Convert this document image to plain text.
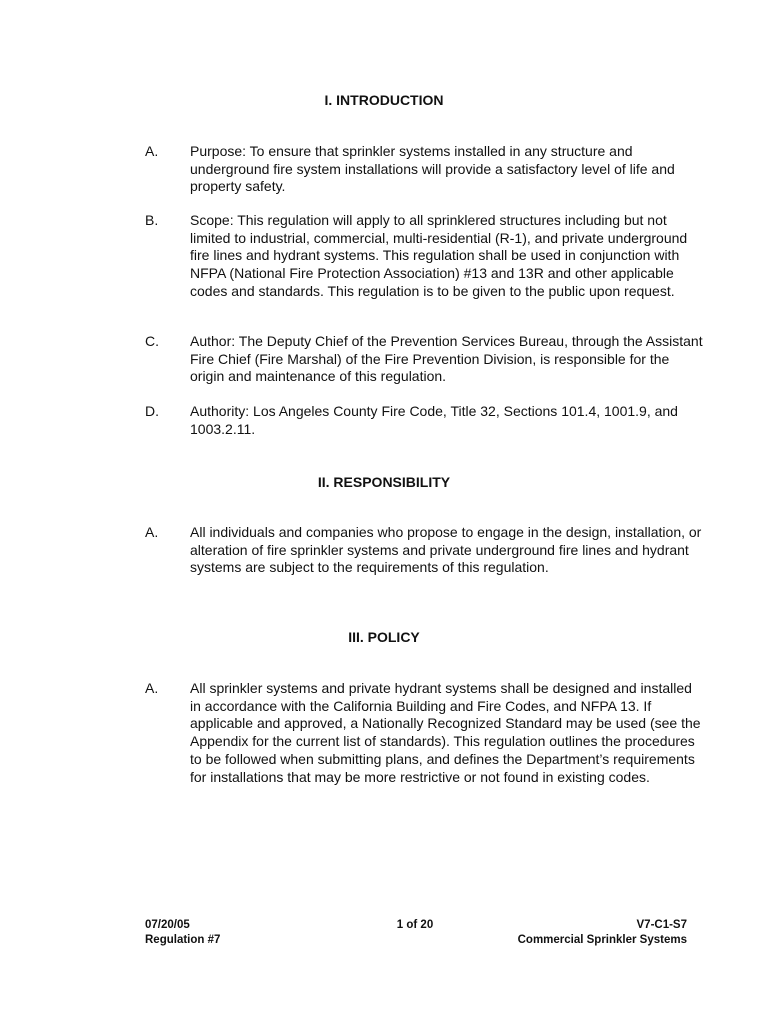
I. INTRODUCTION
A.	Purpose: To ensure that sprinkler systems installed in any structure and underground fire system installations will provide a satisfactory level of life and property safety.
B.	Scope: This regulation will apply to all sprinklered structures including but not limited to industrial, commercial, multi-residential (R-1), and private underground fire lines and hydrant systems. This regulation shall be used in conjunction with NFPA (National Fire Protection Association) #13 and 13R and other applicable codes and standards. This regulation is to be given to the public upon request.
C.	Author: The Deputy Chief of the Prevention Services Bureau, through the Assistant Fire Chief (Fire Marshal) of the Fire Prevention Division, is responsible for the origin and maintenance of this regulation.
D.	Authority: Los Angeles County Fire Code, Title 32, Sections 101.4, 1001.9, and 1003.2.11.
II. RESPONSIBILITY
A.	All individuals and companies who propose to engage in the design, installation, or alteration of fire sprinkler systems and private underground fire lines and hydrant systems are subject to the requirements of this regulation.
III. POLICY
A.	All sprinkler systems and private hydrant systems shall be designed and installed in accordance with the California Building and Fire Codes, and NFPA 13. If applicable and approved, a Nationally Recognized Standard may be used (see the Appendix for the current list of standards). This regulation outlines the procedures to be followed when submitting plans, and defines the Department’s requirements for installations that may be more restrictive or not found in existing codes.
07/20/05
Regulation #7
1 of 20	V7-C1-S7
Commercial Sprinkler Systems
